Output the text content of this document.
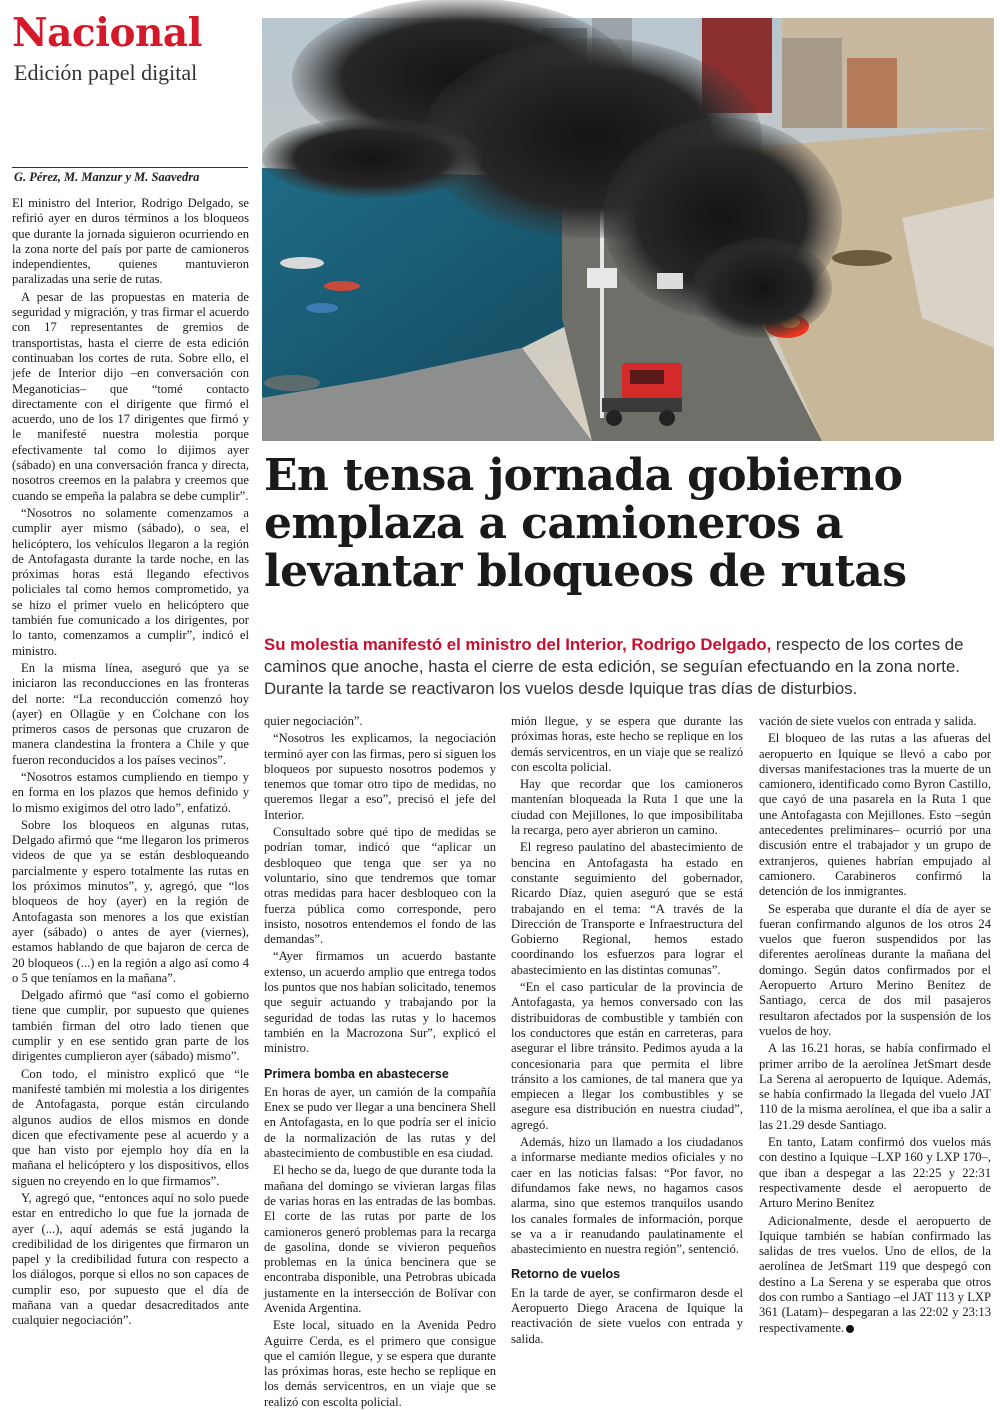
Nacional
Edición papel digital
G. Pérez, M. Manzur y M. Saavedra

El ministro del Interior, Rodrigo Delgado, se refirió ayer en duros términos a los bloqueos que durante la jornada siguieron ocurriendo en la zona norte del país por parte de camioneros independientes, quienes mantuvieron paralizadas una serie de rutas.

A pesar de las propuestas en materia de seguridad y migración, y tras firmar el acuerdo con 17 representantes de gremios de transportistas, hasta el cierre de esta edición continuaban los cortes de ruta. Sobre ello, el jefe de Interior dijo –en conversación con Meganoticias– que “tomé contacto directamente con el dirigente que firmó el acuerdo, uno de los 17 dirigentes que firmó y le manifesté nuestra molestia porque efectivamente tal como lo dijimos ayer (sábado) en una conversación franca y directa, nosotros creemos en la palabra y creemos que cuando se empeña la palabra se debe cumplir”.

“Nosotros no solamente comenzamos a cumplir ayer mismo (sábado), o sea, el helicóptero, los vehículos llegaron a la región de Antofagasta durante la tarde noche, en las próximas horas está llegando efectivos policiales tal como hemos comprometido, ya se hizo el primer vuelo en helicóptero que también fue comunicado a los dirigentes, por lo tanto, comenzamos a cumplir”, indicó el ministro.

En la misma línea, aseguró que ya se iniciaron las reconducciones en las fronteras del norte: “La reconducción comenzó hoy (ayer) en Ollagüe y en Colchane con los primeros casos de personas que cruzaron de manera clandestina la frontera a Chile y que fueron reconducidos a los países vecinos”.

“Nosotros estamos cumpliendo en tiempo y en forma en los plazos que hemos definido y lo mismo exigimos del otro lado”, enfatizó.

Sobre los bloqueos en algunas rutas, Delgado afirmó que “me llegaron los primeros videos de que ya se están desbloqueando parcialmente y espero totalmente las rutas en los próximos minutos”, y, agregó, que “los bloqueos de hoy (ayer) en la región de Antofagasta son menores a los que existían ayer (sábado) o antes de ayer (viernes), estamos hablando de que bajaron de cerca de 20 bloqueos (...) en la región a algo así como 4 o 5 que teníamos en la mañana”.

Delgado afirmó que “así como el gobierno tiene que cumplir, por supuesto que quienes también firman del otro lado tienen que cumplir y en ese sentido gran parte de los dirigentes cumplieron ayer (sábado) mismo”.

Con todo, el ministro explicó que “le manifesté también mi molestia a los dirigentes de Antofagasta, porque están circulando algunos audios de ellos mismos en donde dicen que efectivamente pese al acuerdo y a que han visto por ejemplo hoy día en la mañana el helicóptero y los dispositivos, ellos siguen no creyendo en lo que firmamos”.

Y, agregó que, “entonces aquí no solo puede estar en entredicho lo que fue la jornada de ayer (...), aquí además se está jugando la credibilidad de los dirigentes que firmaron un papel y la credibilidad futura con respecto a los diálogos, porque si ellos no son capaces de cumplir eso, por supuesto que el día de mañana van a quedar desacreditados ante cualquier negociación”.

En tensa jornada gobierno emplaza a camioneros a levantar bloqueos de rutas
Su molestia manifestó el ministro del Interior, Rodrigo Delgado, respecto de los cortes de caminos que anoche, hasta el cierre de esta edición, se seguían efectuando en la zona norte. Durante la tarde se reactivaron los vuelos desde Iquique tras días de disturbios.

quier negociación”.

“Nosotros les explicamos, la negociación terminó ayer con las firmas, pero si siguen los bloqueos por supuesto nosotros podemos y tenemos que tomar otro tipo de medidas, no queremos llegar a eso”, precisó el jefe del Interior.

Consultado sobre qué tipo de medidas se podrían tomar, indicó que “aplicar un desbloqueo que tenga que ser ya no voluntario, sino que tendremos que tomar otras medidas para hacer desbloqueo con la fuerza pública como corresponde, pero insisto, nosotros entendemos el fondo de las demandas”.

“Ayer firmamos un acuerdo bastante extenso, un acuerdo amplio que entrega todos los puntos que nos habían solicitado, tenemos que seguir actuando y trabajando por la seguridad de todas las rutas y lo hacemos también en la Macrozona Sur”, explicó el ministro.

Primera bomba en abastecerse

En horas de ayer, un camión de la compañía Enex se pudo ver llegar a una bencinera Shell en Antofagasta, en lo que podría ser el inicio de la normalización de las rutas y del abastecimiento de combustible en esa ciudad.

El hecho se da, luego de que durante toda la mañana del domingo se vivieran largas filas de varias horas en las entradas de las bombas. El corte de las rutas por parte de los camioneros generó problemas para la recarga de gasolina, donde se vivieron pequeños problemas en la única bencinera que se encontraba disponible, una Petrobras ubicada justamente en la intersección de Bolívar con Avenida Argentina.

Este local, situado en la Avenida Pedro Aguirre Cerda, es el primero que consigue que el camión llegue, y se espera que durante las próximas horas, este hecho se replique en los demás servicentros, en un viaje que se realizó con escolta policial.

mión llegue, y se espera que durante las próximas horas, este hecho se replique en los demás servicentros, en un viaje que se realizó con escolta policial.

Hay que recordar que los camioneros mantenían bloqueada la Ruta 1 que une la ciudad con Mejillones, lo que imposibilitaba la recarga, pero ayer abrieron un camino.

El regreso paulatino del abastecimiento de bencina en Antofagasta ha estado en constante seguimiento del gobernador, Ricardo Díaz, quien aseguró que se está trabajando en el tema: “A través de la Dirección de Transporte e Infraestructura del Gobierno Regional, hemos estado coordinando los esfuerzos para lograr el abastecimiento en las distintas comunas”.

“En el caso particular de la provincia de Antofagasta, ya hemos conversado con las distribuidoras de combustible y también con los conductores que están en carreteras, para asegurar el libre tránsito. Pedimos ayuda a la concesionaria para que permita el libre tránsito a los camiones, de tal manera que ya empiecen a llegar los combustibles y se asegure esa distribución en nuestra ciudad”, agregó.

Además, hizo un llamado a los ciudadanos a informarse mediante medios oficiales y no caer en las noticias falsas: “Por favor, no difundamos fake news, no hagamos casos alarma, sino que estemos tranquilos usando los canales formales de información, porque se va a ir reanudando paulatinamente el abastecimiento en nuestra región”, sentenció.

Retorno de vuelos

En la tarde de ayer, se confirmaron desde el Aeropuerto Diego Aracena de Iquique la reactivación de siete vuelos con entrada y salida.

vación de siete vuelos con entrada y salida.

El bloqueo de las rutas a las afueras del aeropuerto en Iquique se llevó a cabo por diversas manifestaciones tras la muerte de un camionero, identificado como Byron Castillo, que cayó de una pasarela en la Ruta 1 que une Antofagasta con Mejillones. Esto –según antecedentes preliminares– ocurrió por una discusión entre el trabajador y un grupo de extranjeros, quienes habrían empujado al camionero. Carabineros confirmó la detención de los inmigrantes.

Se esperaba que durante el día de ayer se fueran confirmando algunos de los otros 24 vuelos que fueron suspendidos por las diferentes aerolíneas durante la mañana del domingo. Según datos confirmados por el Aeropuerto Arturo Merino Benítez de Santiago, cerca de dos mil pasajeros resultaron afectados por la suspensión de los vuelos de hoy.

A las 16.21 horas, se había confirmado el primer arribo de la aerolínea JetSmart desde La Serena al aeropuerto de Iquique. Además, se había confirmado la llegada del vuelo JAT 110 de la misma aerolínea, el que iba a salir a las 21.29 desde Santiago.

En tanto, Latam confirmó dos vuelos más con destino a Iquique –LXP 160 y LXP 170–, que iban a despegar a las 22:25 y 22:31 respectivamente desde el aeropuerto de Arturo Merino Benítez

Adicionalmente, desde el aeropuerto de Iquique también se habían confirmado las salidas de tres vuelos. Uno de ellos, de la aerolínea de JetSmart 119 que despegó con destino a La Serena y se esperaba que otros dos con rumbo a Santiago –el JAT 113 y LXP 361 (Latam)– despegaran a las 22:02 y 23:13 respectivamente.
